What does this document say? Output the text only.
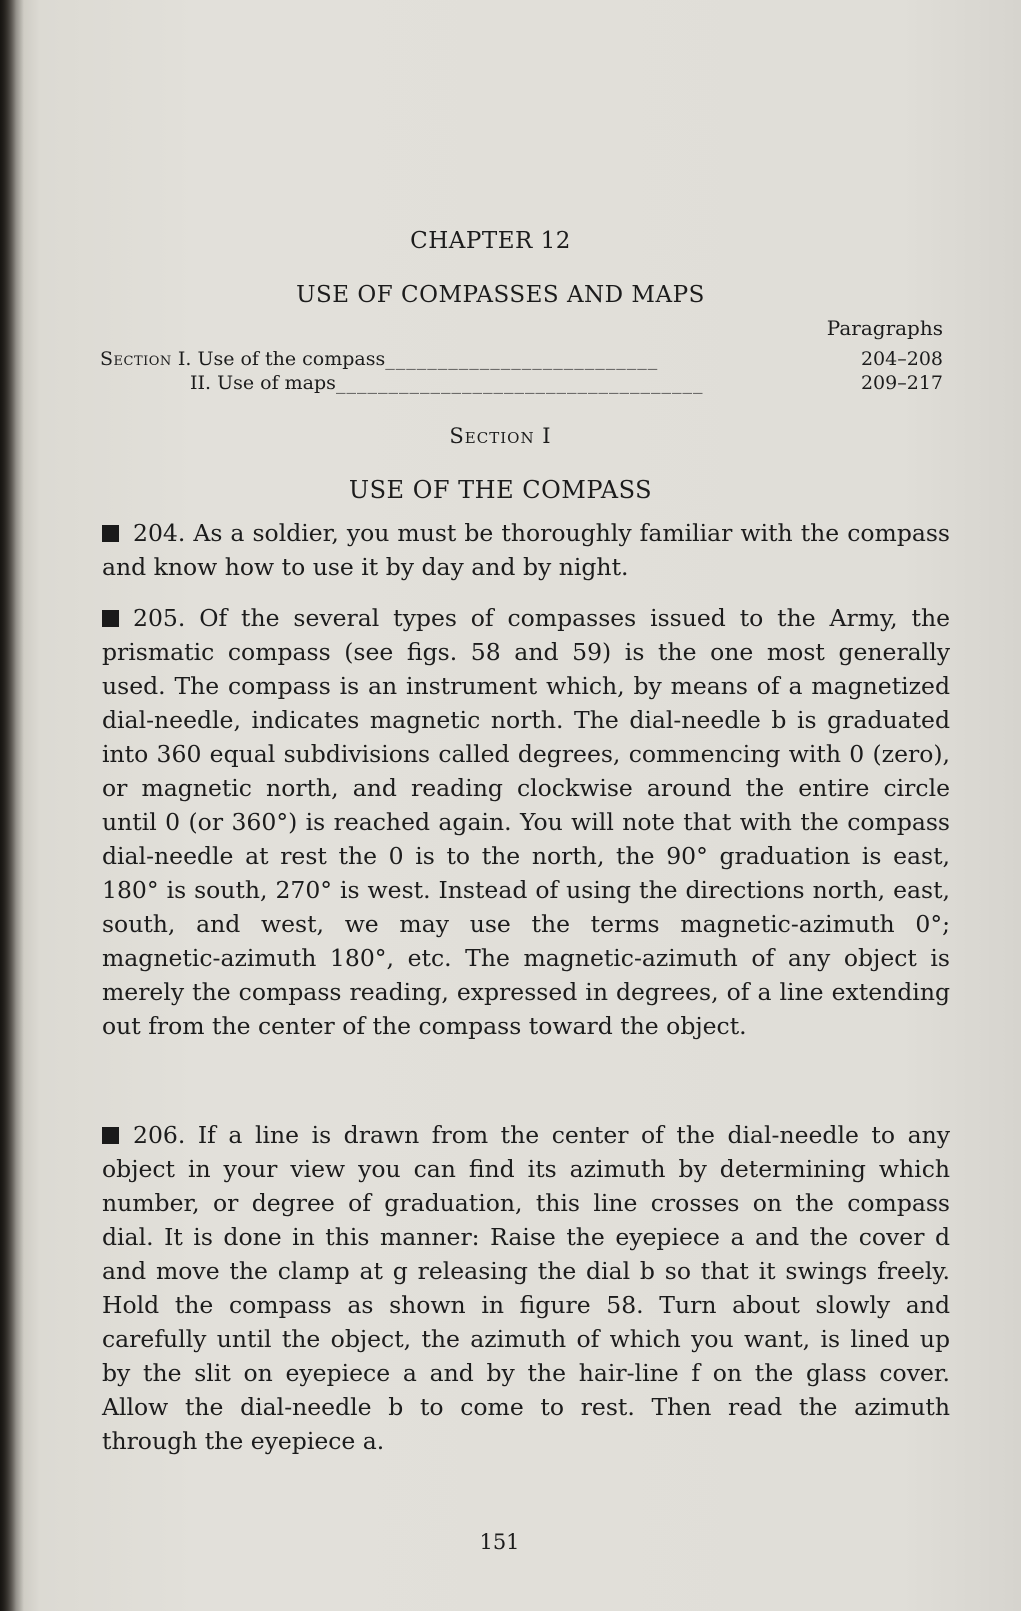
CHAPTER 12
USE OF COMPASSES AND MAPS
Paragraphs
Section I. Use of the compass__________________________	204–208
II. Use of maps___________________________________	209–217
Section I
USE OF THE COMPASS
204. As a soldier, you must be thoroughly familiar with the compass and know how to use it by day and by night.
205. Of the several types of compasses issued to the Army, the prismatic compass (see figs. 58 and 59) is the one most generally used. The compass is an instrument which, by means of a magnetized dial-needle, indicates magnetic north. The dial-needle b is graduated into 360 equal subdivisions called degrees, commencing with 0 (zero), or magnetic north, and reading clockwise around the entire circle until 0 (or 360°) is reached again. You will note that with the compass dial-needle at rest the 0 is to the north, the 90° graduation is east, 180° is south, 270° is west. Instead of using the directions north, east, south, and west, we may use the terms magnetic-azimuth 0°; magnetic-azimuth 180°, etc. The magnetic-azimuth of any object is merely the compass reading, expressed in degrees, of a line extending out from the center of the compass toward the object.
206. If a line is drawn from the center of the dial-needle to any object in your view you can find its azimuth by determining which number, or degree of graduation, this line crosses on the compass dial. It is done in this manner: Raise the eyepiece a and the cover d and move the clamp at g releasing the dial b so that it swings freely. Hold the compass as shown in figure 58. Turn about slowly and carefully until the object, the azimuth of which you want, is lined up by the slit on eyepiece a and by the hair-line f on the glass cover. Allow the dial-needle b to come to rest. Then read the azimuth through the eyepiece a.
151
